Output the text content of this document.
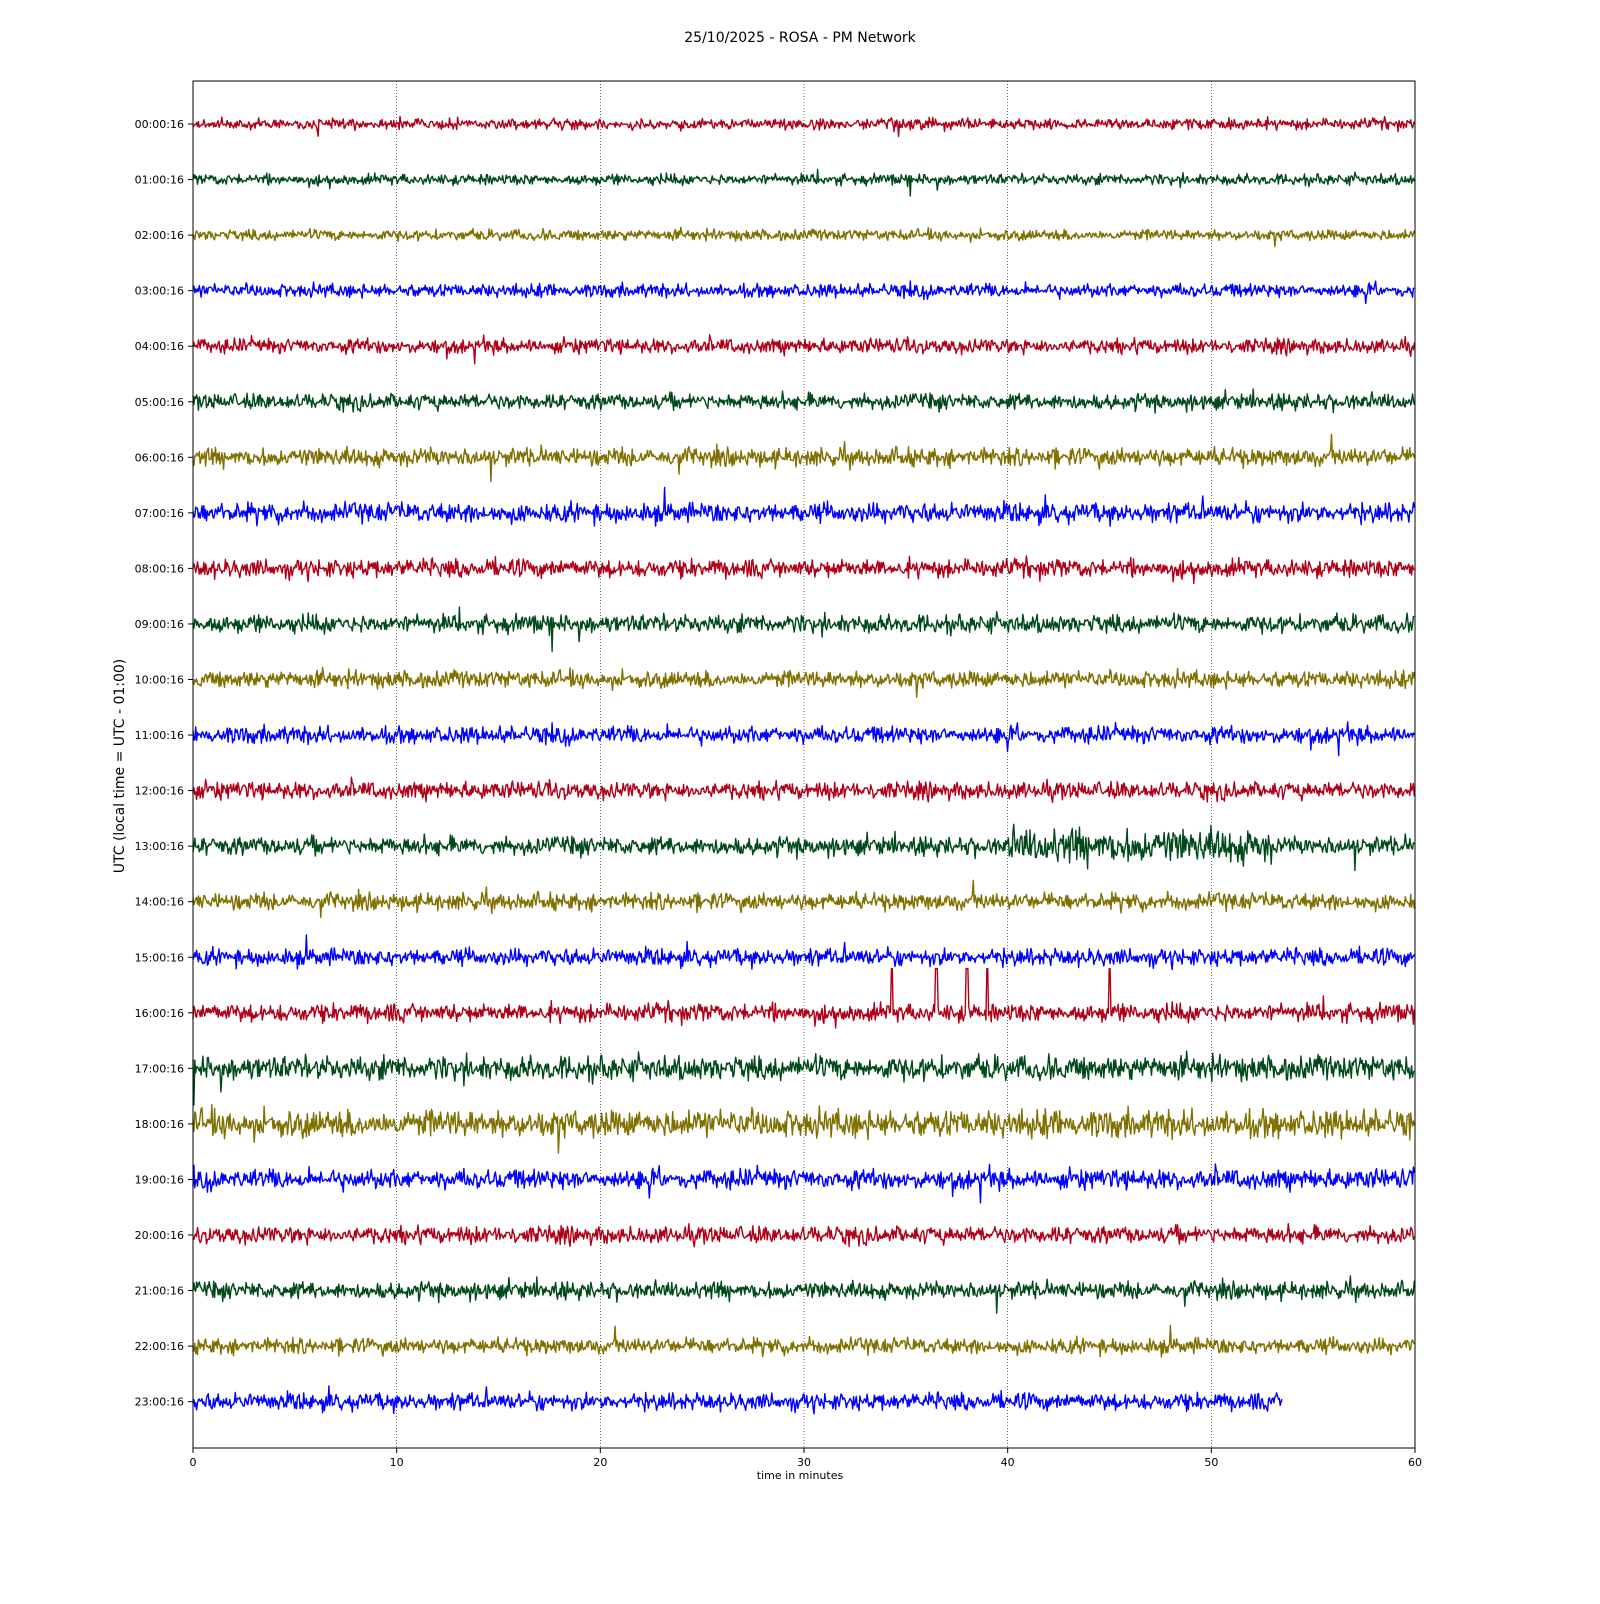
25/10/2025 - ROSA - PM Network
time in minutes
UTC (local time = UTC - 01:00)
0	10	20	30	40	50	60
00:00:16
01:00:16
02:00:16
03:00:16
04:00:16
05:00:16
06:00:16
07:00:16
08:00:16
09:00:16
10:00:16
11:00:16
12:00:16
13:00:16
14:00:16
15:00:16
16:00:16
17:00:16
18:00:16
19:00:16
20:00:16
21:00:16
22:00:16
23:00:16
